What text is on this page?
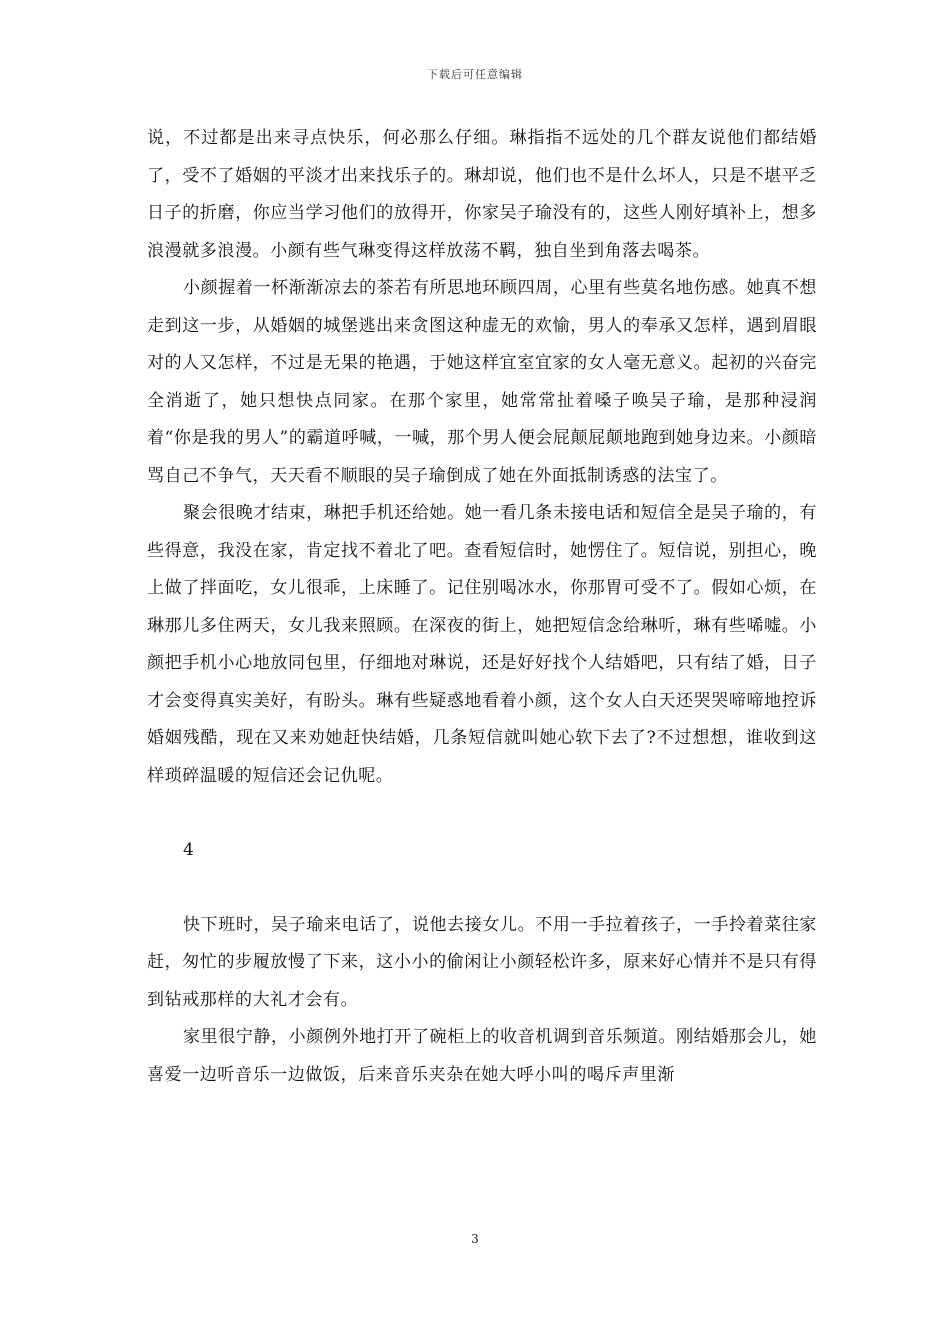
下载后可任意编辑

说，不过都是出来寻点快乐，何必那么仔细。琳指指不远处的几个群友说他们都结婚了，受不了婚姻的平淡才出来找乐子的。琳却说，他们也不是什么坏人，只是不堪平乏日子的折磨，你应当学习他们的放得开，你家吴子瑜没有的，这些人刚好填补上，想多浪漫就多浪漫。小颜有些气琳变得这样放荡不羁，独自坐到角落去喝茶。

小颜握着一杯渐渐凉去的茶若有所思地环顾四周，心里有些莫名地伤感。她真不想走到这一步，从婚姻的城堡逃出来贪图这种虚无的欢愉，男人的奉承又怎样，遇到眉眼对的人又怎样，不过是无果的艳遇，于她这样宜室宜家的女人毫无意义。起初的兴奋完全消逝了，她只想快点同家。在那个家里，她常常扯着嗓子唤吴子瑜，是那种浸润着“你是我的男人”的霸道呼喊，一喊，那个男人便会屁颠屁颠地跑到她身边来。小颜暗骂自己不争气，天天看不顺眼的吴子瑜倒成了她在外面抵制诱惑的法宝了。

聚会很晚才结束，琳把手机还给她。她一看几条未接电话和短信全是吴子瑜的，有些得意，我没在家，肯定找不着北了吧。查看短信时，她愣住了。短信说，别担心，晚上做了拌面吃，女儿很乖，上床睡了。记住别喝冰水，你那胃可受不了。假如心烦，在琳那儿多住两天，女儿我来照顾。在深夜的街上，她把短信念给琳听，琳有些唏嘘。小颜把手机小心地放同包里，仔细地对琳说，还是好好找个人结婚吧，只有结了婚，日子才会变得真实美好，有盼头。琳有些疑惑地看着小颜，这个女人白天还哭哭啼啼地控诉婚姻残酷，现在又来劝她赶快结婚，几条短信就叫她心软下去了?不过想想，谁收到这样琐碎温暖的短信还会记仇呢。

4

快下班时，吴子瑜来电话了，说他去接女儿。不用一手拉着孩子，一手拎着菜往家赶，匆忙的步履放慢了下来，这小小的偷闲让小颜轻松许多，原来好心情并不是只有得到钻戒那样的大礼才会有。

家里很宁静，小颜例外地打开了碗柜上的收音机调到音乐频道。刚结婚那会儿，她喜爱一边听音乐一边做饭，后来音乐夹杂在她大呼小叫的喝斥声里渐

3
